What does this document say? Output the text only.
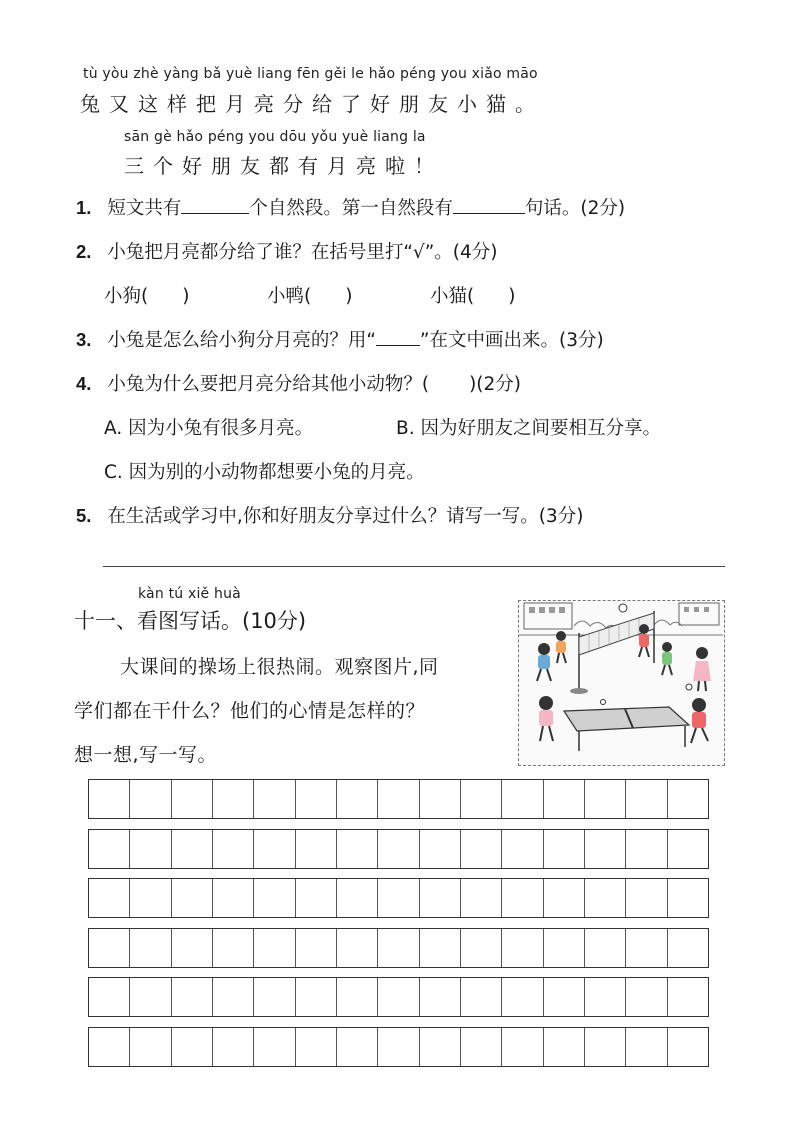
tù yòu zhè yàng bǎ yuè liang fēn gěi le hǎo péng you xiǎo māo
兔又这样把月亮分给了好朋友小猫。
sān gè hǎo péng you dōu yǒu yuè liang la
三个好朋友都有月亮啦！
1. 短文共有	个自然段。第一自然段有	句话。(2分)
2. 小兔把月亮都分给了谁？在括号里打“√”。(4分)
小狗( )	小鸭( )	小猫( )
3. 小兔是怎么给小狗分月亮的？用“ ”在文中画出来。(3分)
4. 小兔为什么要把月亮分给其他小动物？( )(2分)
A. 因为小兔有很多月亮。	B. 因为好朋友之间要相互分享。
C. 因为别的小动物都想要小兔的月亮。
5. 在生活或学习中,你和好朋友分享过什么？请写一写。(3分)
kàn tú xiě huà
十一、看图写话。(10分)
大课间的操场上很热闹。观察图片,同
学们都在干什么？他们的心情是怎样的？
想一想,写一写。
